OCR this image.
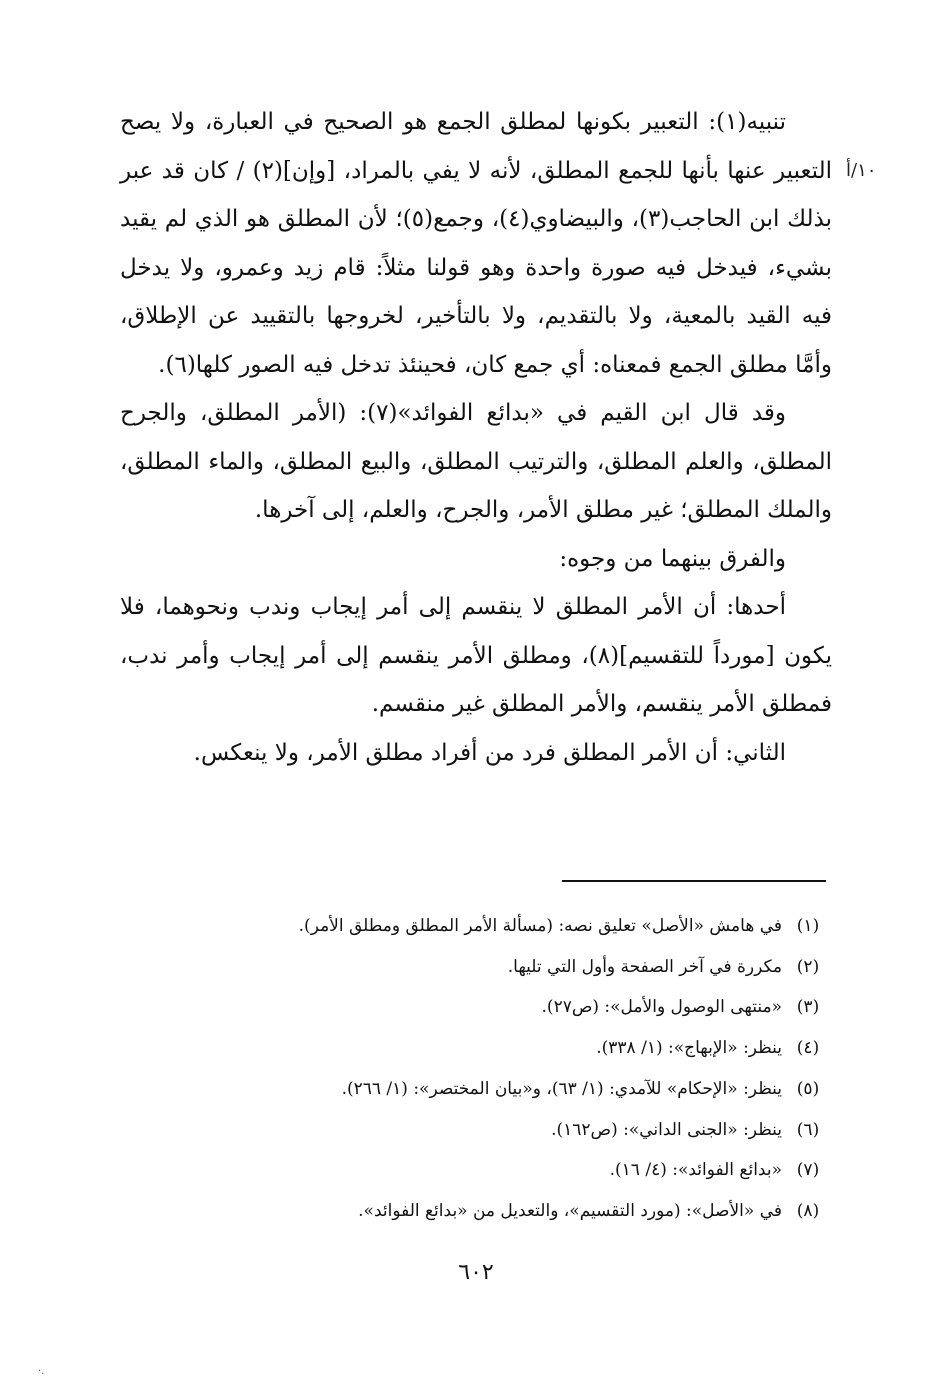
١٠/أ

تنبيه(١): التعبير بكونها لمطلق الجمع هو الصحيح في العبارة، ولا يصح التعبير عنها بأنها للجمع المطلق، لأنه لا يفي بالمراد، [وإن](٢) / كان قد عبر بذلك ابن الحاجب(٣)، والبيضاوي(٤)، وجمع(٥)؛ لأن المطلق هو الذي لم يقيد بشيء، فيدخل فيه صورة واحدة وهو قولنا مثلاً: قام زيد وعمرو، ولا يدخل فيه القيد بالمعية، ولا بالتقديم، ولا بالتأخير، لخروجها بالتقييد عن الإطلاق، وأمَّا مطلق الجمع فمعناه: أي جمع كان، فحينئذ تدخل فيه الصور كلها(٦).

وقد قال ابن القيم في «بدائع الفوائد»(٧): (الأمر المطلق، والجرح المطلق، والعلم المطلق، والترتيب المطلق، والبيع المطلق، والماء المطلق، والملك المطلق؛ غير مطلق الأمر، والجرح، والعلم، إلى آخرها.

والفرق بينهما من وجوه:

أحدها: أن الأمر المطلق لا ينقسم إلى أمر إيجاب وندب ونحوهما، فلا يكون [مورداً للتقسيم](٨)، ومطلق الأمر ينقسم إلى أمر إيجاب وأمر ندب، فمطلق الأمر ينقسم، والأمر المطلق غير منقسم.

الثاني: أن الأمر المطلق فرد من أفراد مطلق الأمر، ولا ينعكس.

(١)
في هامش «الأصل» تعليق نصه: (مسألة الأمر المطلق ومطلق الأمر).
(٢)
مكررة في آخر الصفحة وأول التي تليها.
(٣)
«منتهى الوصول والأمل»: (ص٢٧).
(٤)
ينظر: «الإبهاج»: (١/ ٣٣٨).
(٥)
ينظر: «الإحكام» للآمدي: (١/ ٦٣)، و«بيان المختصر»: (١/ ٢٦٦).
(٦)
ينظر: «الجنى الداني»: (ص١٦٢).
(٧)
«بدائع الفوائد»: (٤/ ١٦).
(٨)
في «الأصل»: (مورد التقسيم»، والتعديل من «بدائع الفوائد».
٦٠٢
·.
